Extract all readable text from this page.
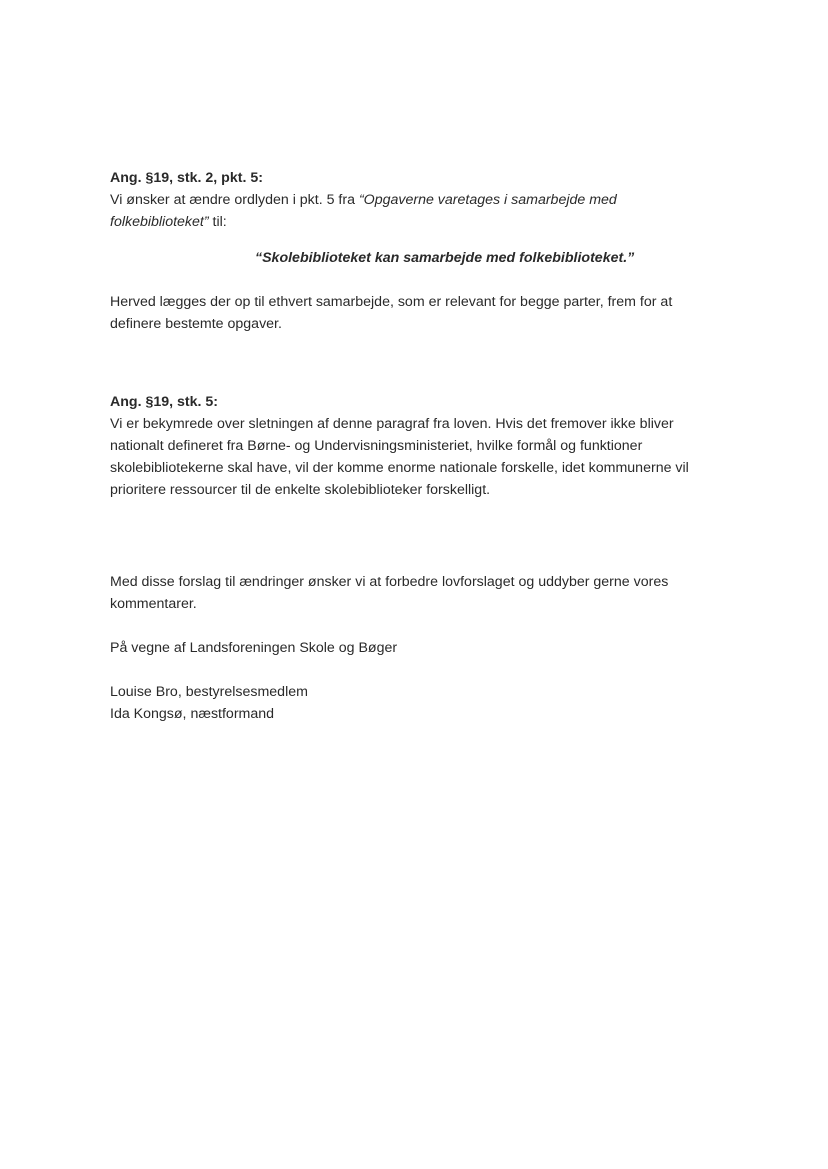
Ang. §19, stk. 2, pkt. 5:

Vi ønsker at ændre ordlyden i pkt. 5 fra “Opgaverne varetages i samarbejde med folkebiblioteket” til:

“Skolebiblioteket kan samarbejde med folkebiblioteket.”

Herved lægges der op til ethvert samarbejde, som er relevant for begge parter, frem for at definere bestemte opgaver.

Ang. §19, stk. 5:

Vi er bekymrede over sletningen af denne paragraf fra loven. Hvis det fremover ikke bliver nationalt defineret fra Børne- og Undervisningsministeriet, hvilke formål og funktioner skolebibliotekerne skal have, vil der komme enorme nationale forskelle, idet kommunerne vil prioritere ressourcer til de enkelte skolebiblioteker forskelligt.

Med disse forslag til ændringer ønsker vi at forbedre lovforslaget og uddyber gerne vores kommentarer.

På vegne af Landsforeningen Skole og Bøger

Louise Bro, bestyrelsesmedlem

Ida Kongsø, næstformand
